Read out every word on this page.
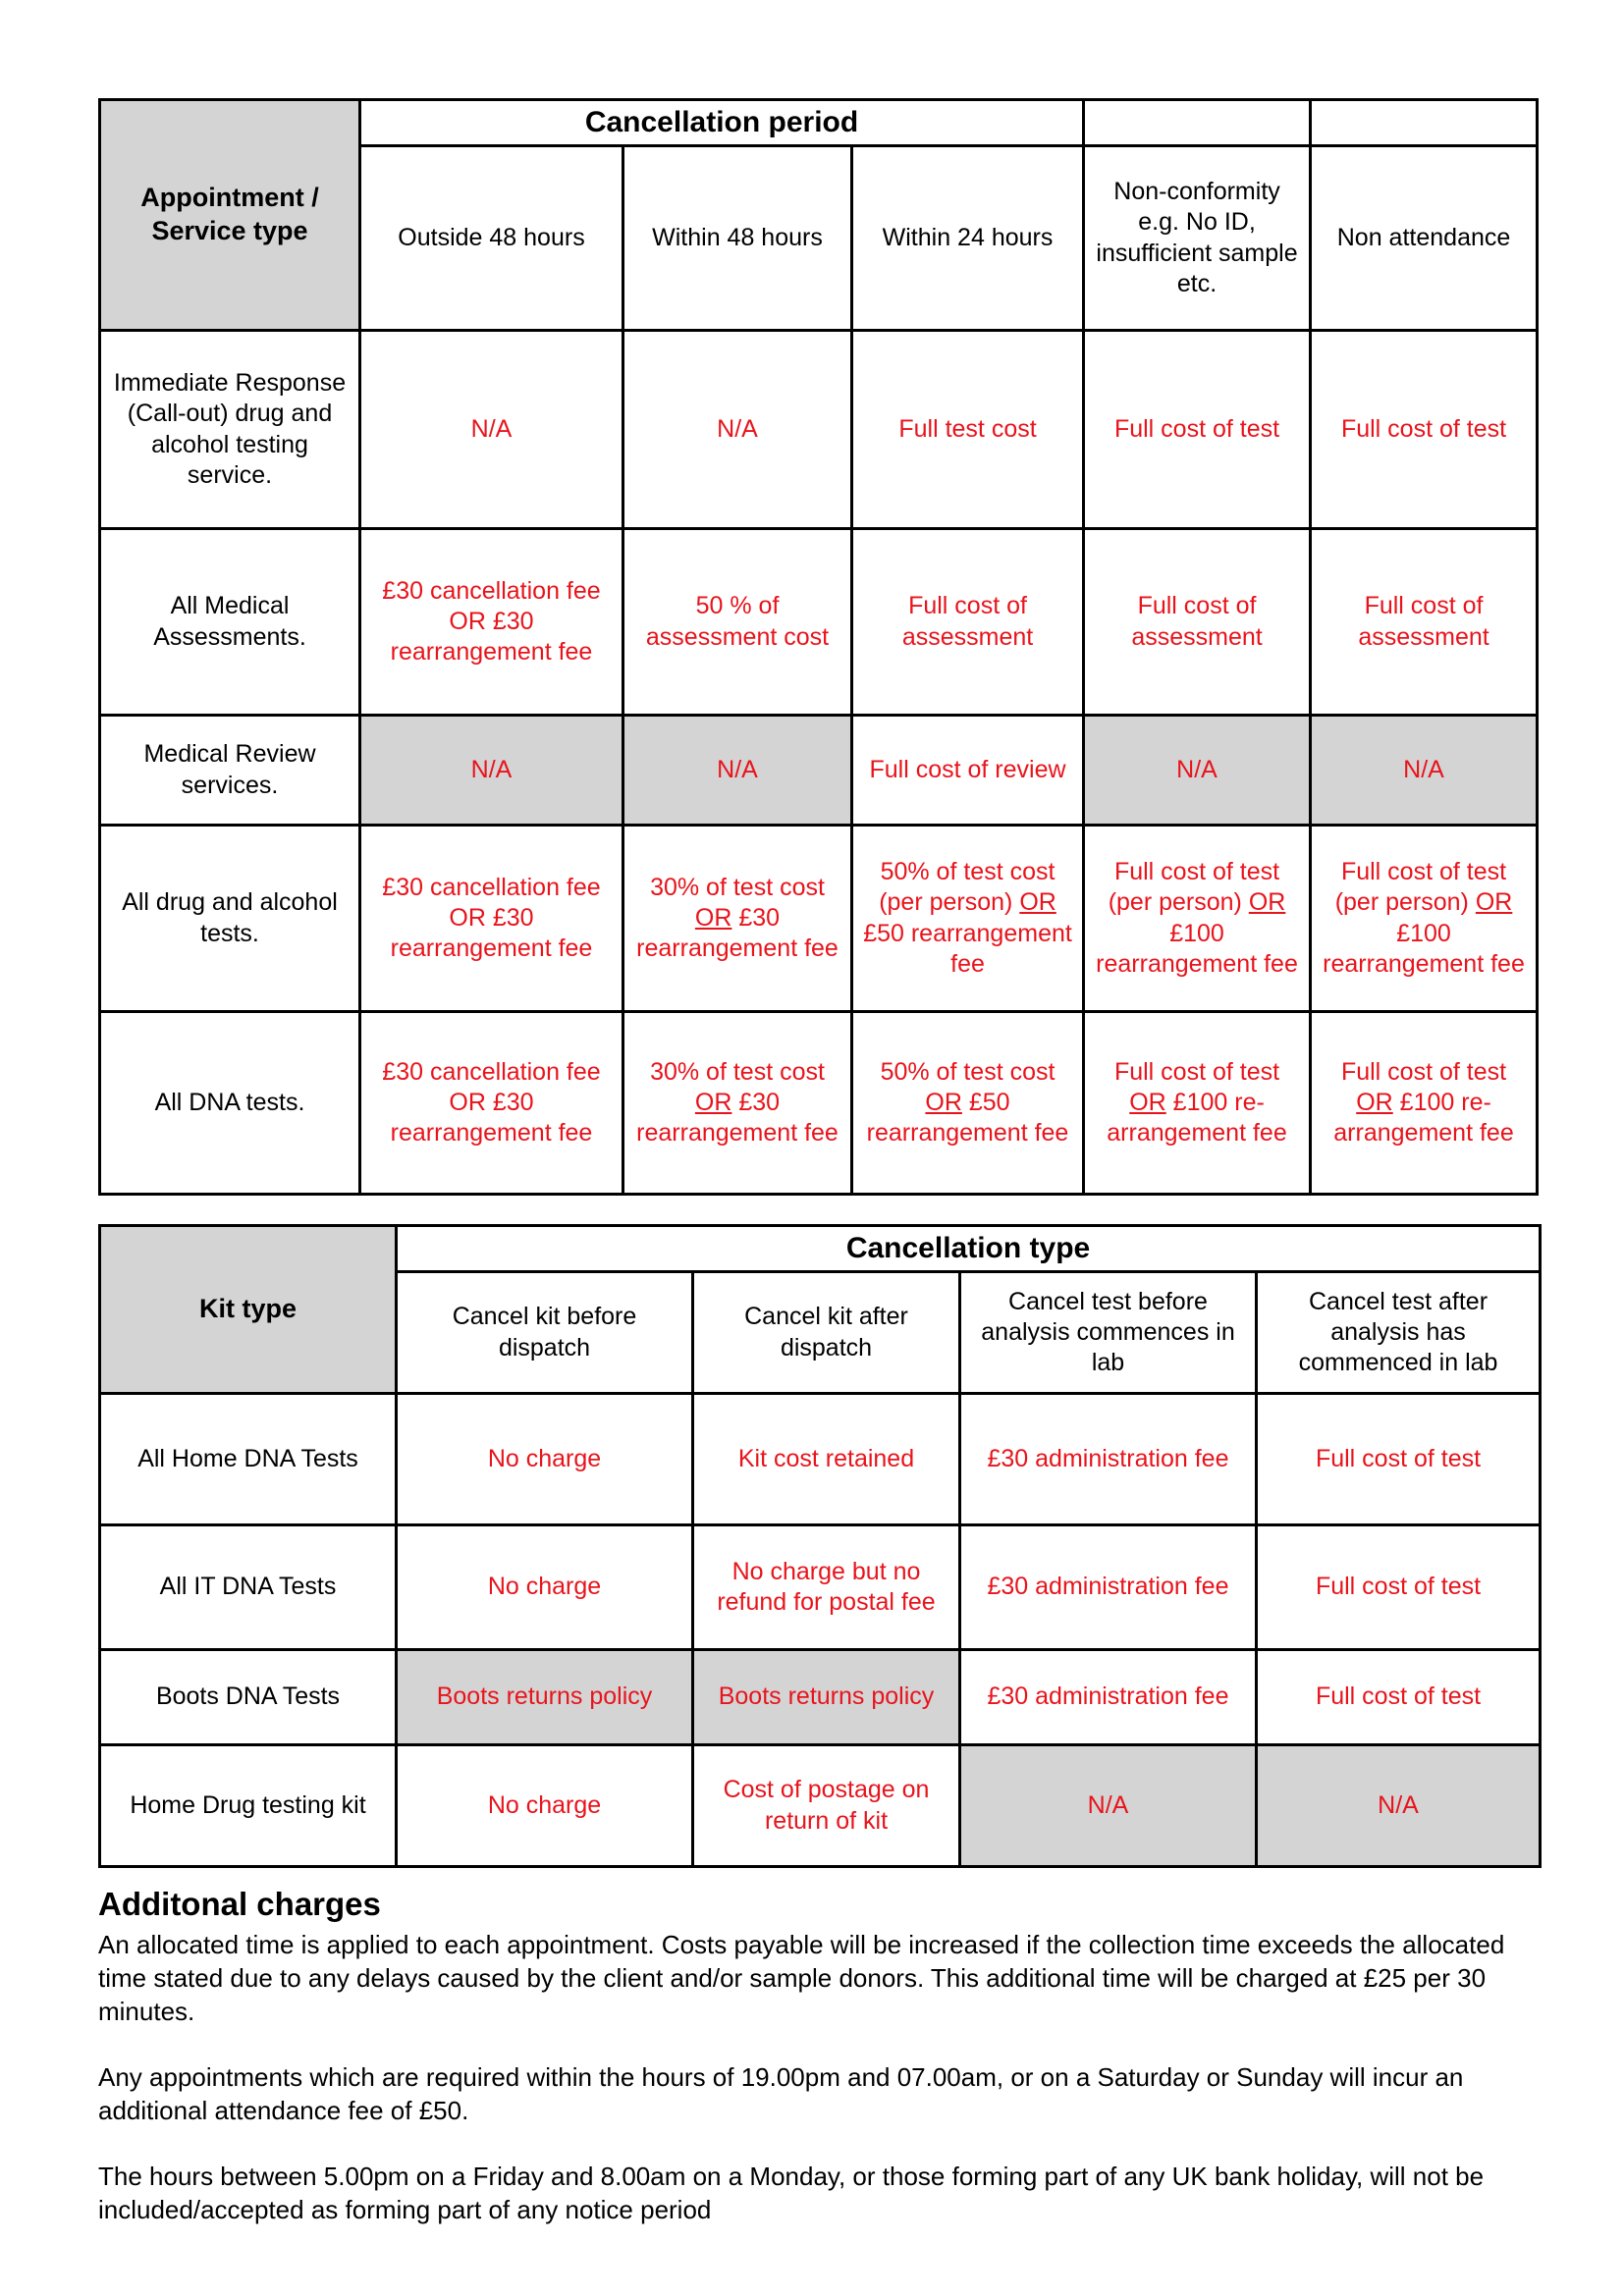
Appointment / Service type	Cancellation period				
	Outside 48 hours	Within 48 hours	Within 24 hours	Non-conformity e.g. No ID, insufficient sample etc.	Non attendance
Immediate Response (Call-out) drug and alcohol testing service.	N/A	N/A	Full test cost	Full cost of test	Full cost of test
All Medical Assessments.	£30 cancellation fee OR £30 rearrangement fee	50 % of assessment cost	Full cost of assessment	Full cost of assessment	Full cost of assessment
Medical Review services.	N/A	N/A	Full cost of review	N/A	N/A
All drug and alcohol tests.	£30 cancellation fee OR £30 rearrangement fee	30% of test cost OR £30 rearrangement fee	50% of test cost (per person) OR £50 rearrangement fee	Full cost of test (per person) OR £100 rearrangement fee	Full cost of test (per person) OR £100 rearrangement fee
All DNA tests.	£30 cancellation fee OR £30 rearrangement fee	30% of test cost OR £30 rearrangement fee	50% of test cost OR £50 rearrangement fee	Full cost of test OR £100 re-arrangement fee	Full cost of test OR £100 re-arrangement fee
Kit type	Cancellation type			
	Cancel kit before dispatch	Cancel kit after dispatch	Cancel test before analysis commences in lab	Cancel test after analysis has commenced in lab
All Home DNA Tests	No charge	Kit cost retained	£30 administration fee	Full cost of test
All IT DNA Tests	No charge	No charge but no refund for postal fee	£30 administration fee	Full cost of test
Boots DNA Tests	Boots returns policy	Boots returns policy	£30 administration fee	Full cost of test
Home Drug testing kit	No charge	Cost of postage on return of kit	N/A	N/A
Additonal charges

An allocated time is applied to each appointment. Costs payable will be increased if the collection time exceeds the allocated time stated due to any delays caused by the client and/or sample donors. This additional time will be charged at £25 per 30 minutes.

Any appointments which are required within the hours of 19.00pm and 07.00am, or on a Saturday or Sunday will incur an additional attendance fee of £50.

The hours between 5.00pm on a Friday and 8.00am on a Monday, or those forming part of any UK bank holiday, will not be included/accepted as forming part of any notice period
